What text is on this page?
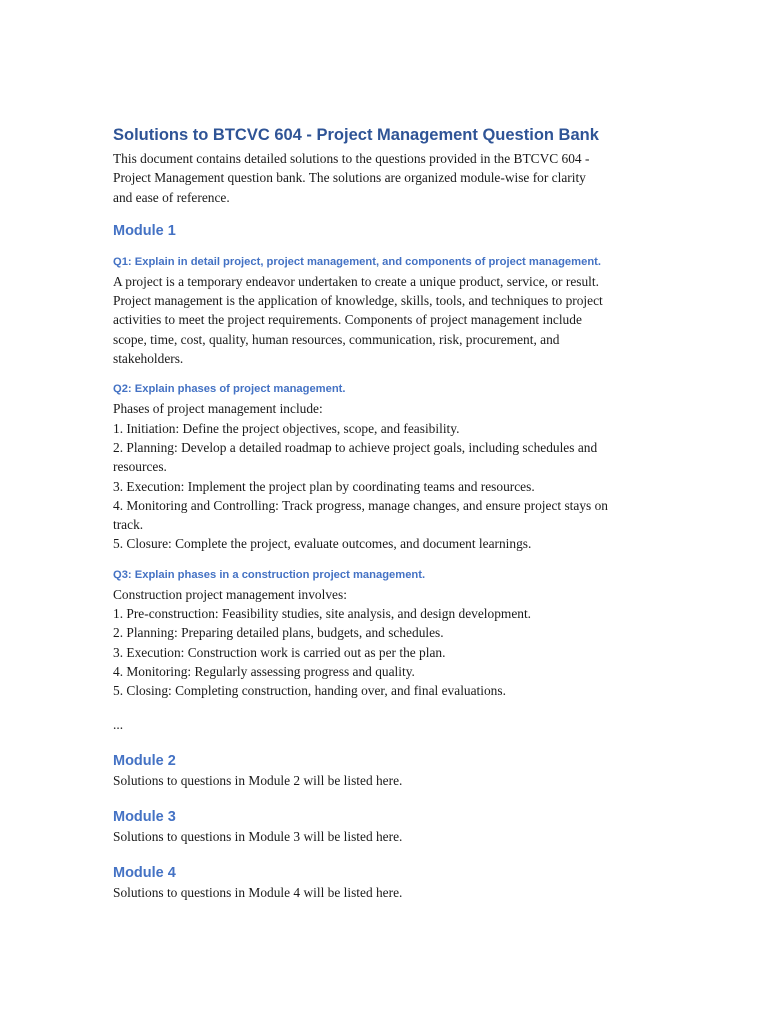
Solutions to BTCVC 604 - Project Management Question Bank

This document contains detailed solutions to the questions provided in the BTCVC 604 -
Project Management question bank. The solutions are organized module-wise for clarity
and ease of reference.

Module 1
Q1: Explain in detail project, project management, and components of project management.

A project is a temporary endeavor undertaken to create a unique product, service, or result.
Project management is the application of knowledge, skills, tools, and techniques to project
activities to meet the project requirements. Components of project management include
scope, time, cost, quality, human resources, communication, risk, procurement, and
stakeholders.

Q2: Explain phases of project management.

Phases of project management include:
1. Initiation: Define the project objectives, scope, and feasibility.
2. Planning: Develop a detailed roadmap to achieve project goals, including schedules and
resources.
3. Execution: Implement the project plan by coordinating teams and resources.
4. Monitoring and Controlling: Track progress, manage changes, and ensure project stays on
track.
5. Closure: Complete the project, evaluate outcomes, and document learnings.

Q3: Explain phases in a construction project management.

Construction project management involves:
1. Pre-construction: Feasibility studies, site analysis, and design development.
2. Planning: Preparing detailed plans, budgets, and schedules.
3. Execution: Construction work is carried out as per the plan.
4. Monitoring: Regularly assessing progress and quality.
5. Closing: Completing construction, handing over, and final evaluations.

...

Module 2

Solutions to questions in Module 2 will be listed here.

Module 3

Solutions to questions in Module 3 will be listed here.

Module 4

Solutions to questions in Module 4 will be listed here.
